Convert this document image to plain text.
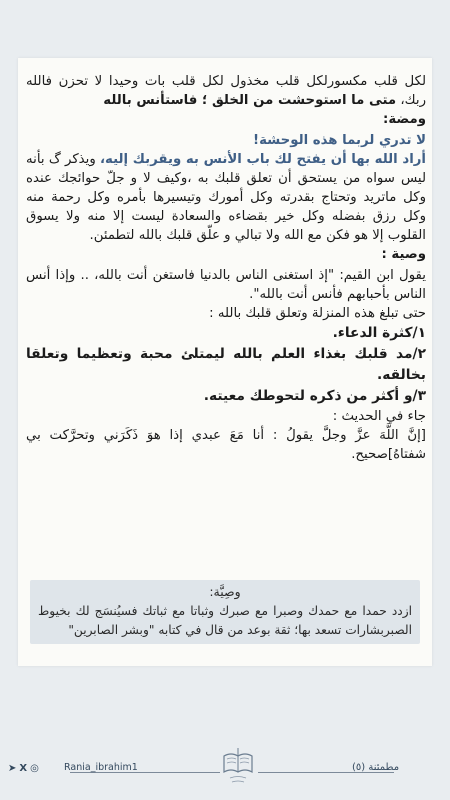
لكل قلب مكسورلكل قلب مخذول لكل قلب بات وحيدا لا تحزن فالله ربك، متى ما استوحشت من الخلق ؛ فاستأنس بالله

ومضة:

لا تدري لربما هذه الوحشة!

أراد الله بها أن يفتح لك باب الأنس به ويقربك إليه، ويذكر گ بأنه ليس سواه من يستحق أن تعلق قلبك به ،وكيف لا و جلّ حوائجك عنده وكل ماتريد وتحتاج بقدرته وكل أمورك وتيسيرها بأمره وكل رحمة منه وكل رزق بفضله وكل خير بقضاءه والسعادة ليست إلا منه ولا يسوق القلوب إلا هو فكن مع الله ولا تبالي و علّق قلبك بالله لتطمئن.

وصية :

يقول ابن القيم: "إذ استغنى الناس بالدنيا فاستغن أنت بالله، .. وإذا أنس الناس بأحبابهم فأنس أنت بالله".

حتى تبلغ هذه المنزلة وتعلق قلبك بالله :

١/كثرة الدعاء.

٢/مد قلبك بغذاء العلم بالله ليمتلئ محبة وتعظيما وتعلقا بخالقه.

٣/و أكثر من ذكره لتحوطك معيته.

جاء في الحديث :

[إنَّ اللَّهَ عزَّ وجلَّ يقولُ : أنا مَعَ عبدي إذا هوَ ذَكَرَني وتحرَّكت بي شفتاهُ]صحيح.

وصِيَّة:
ازدد حمدا مع حمدك وصبرا مع صبرك وثباتا مع ثباتك فسيُنسَج لك بخيوط الصبربشارات تسعد بها؛ ثقة بوعد من قال في كتابه "وبشر الصابرين"
➤ X ◎	Rania_ibrahim1	مطمئنة (٥)
